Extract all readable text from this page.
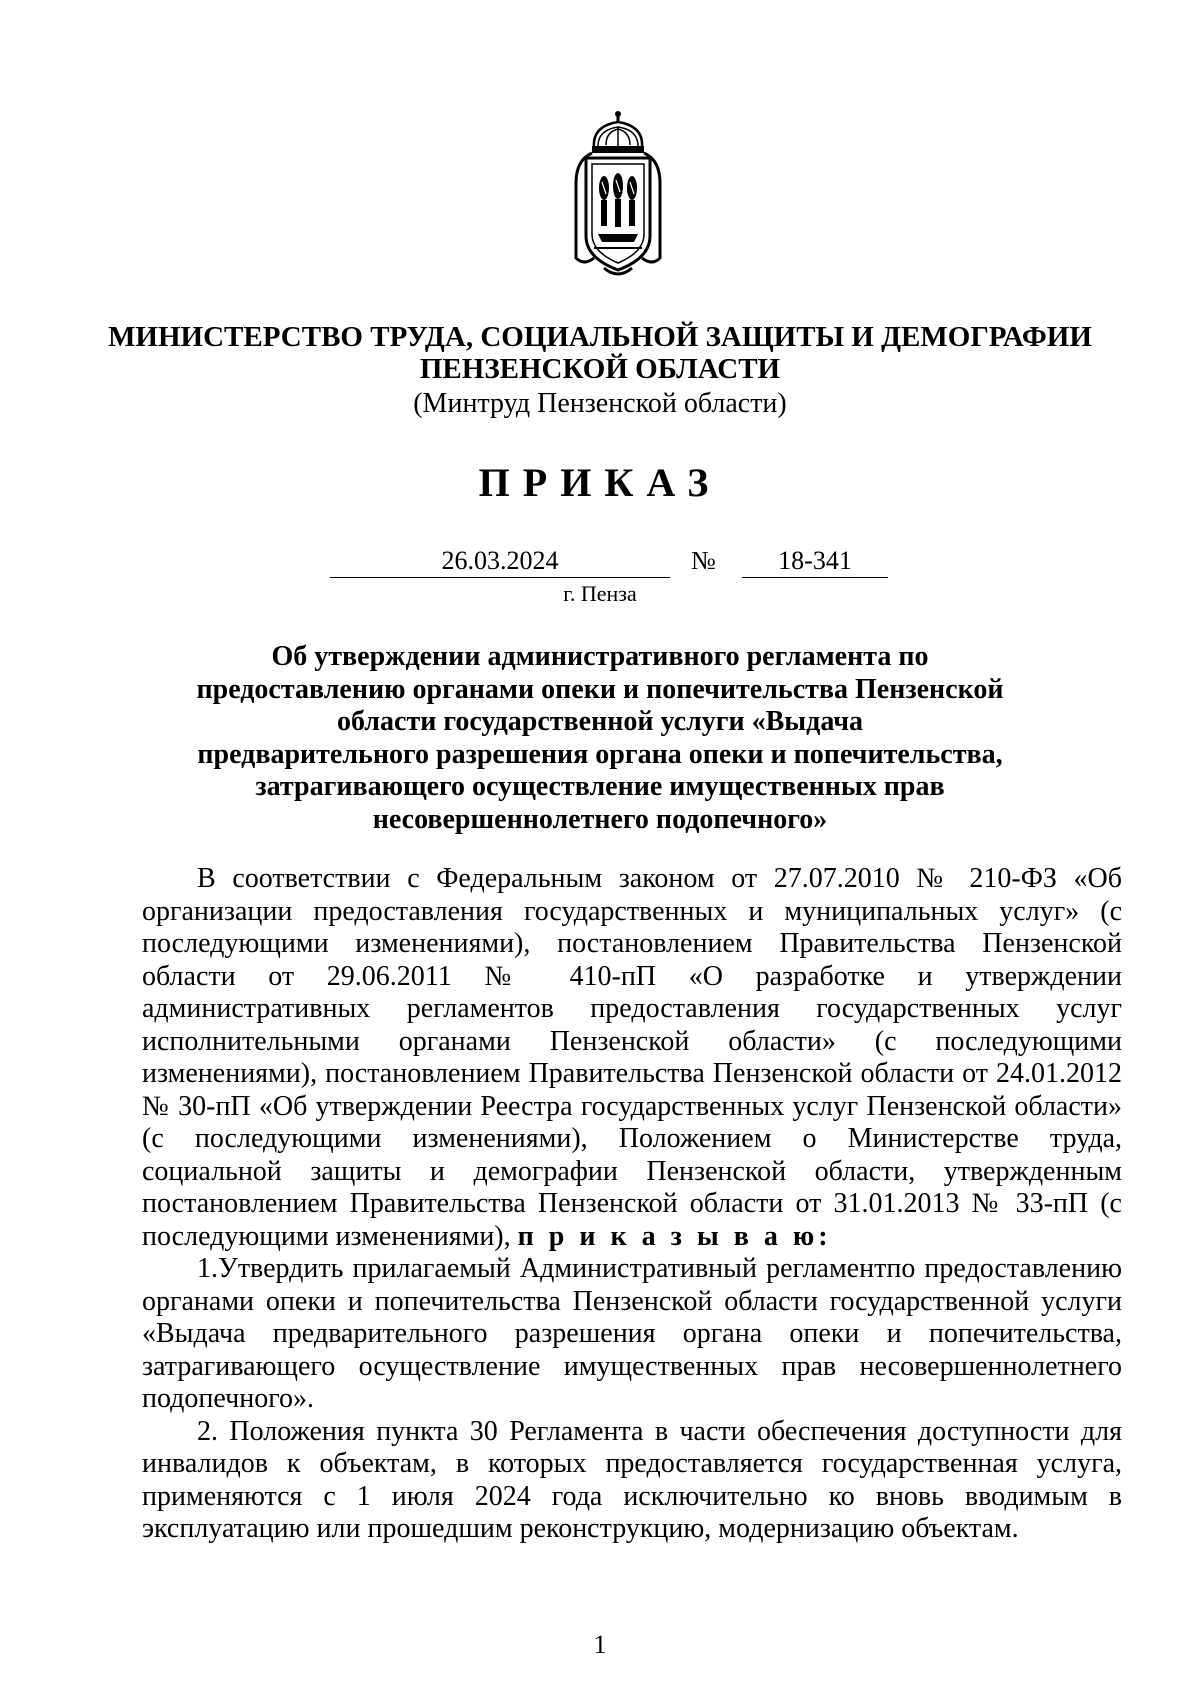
МИНИСТЕРСТВО ТРУДА, СОЦИАЛЬНОЙ ЗАЩИТЫ И ДЕМОГРАФИИ
ПЕНЗЕНСКОЙ ОБЛАСТИ
(Минтруд Пензенской области)
ПРИКАЗ
26.03.2024	№	18-341
г. Пенза
Об утверждении административного регламента по
предоставлению органами опеки и попечительства Пензенской
области государственной услуги «Выдача
предварительного разрешения органа опеки и попечительства,
затрагивающего осуществление имущественных прав
несовершеннолетнего подопечного»

В соответствии с Федеральным законом от 27.07.2010 № 210-ФЗ «Об организации предоставления государственных и муниципальных услуг» (с последующими изменениями), постановлением Правительства Пензенской области от 29.06.2011 № 410-пП «О разработке и утверждении административных регламентов предоставления государственных услуг исполнительными органами Пензенской области» (с последующими изменениями), постановлением Правительства Пензенской области от 24.01.2012 № 30-пП «Об утверждении Реестра государственных услуг Пензенской области» (с последующими изменениями), Положением о Министерстве труда, социальной защиты и демографии Пензенской области, утвержденным постановлением Правительства Пензенской области от 31.01.2013 № 33-пП (с последующими изменениями), п р и к а з ы в а ю:

1.Утвердить прилагаемый Административный регламентпо предоставлению органами опеки и попечительства Пензенской области государственной услуги «Выдача предварительного разрешения органа опеки и попечительства, затрагивающего осуществление имущественных прав несовершеннолетнего подопечного».

2. Положения пункта 30 Регламента в части обеспечения доступности для инвалидов к объектам, в которых предоставляется государственная услуга, применяются с 1 июля 2024 года исключительно ко вновь вводимым в эксплуатацию или прошедшим реконструкцию, модернизацию объектам.

1
